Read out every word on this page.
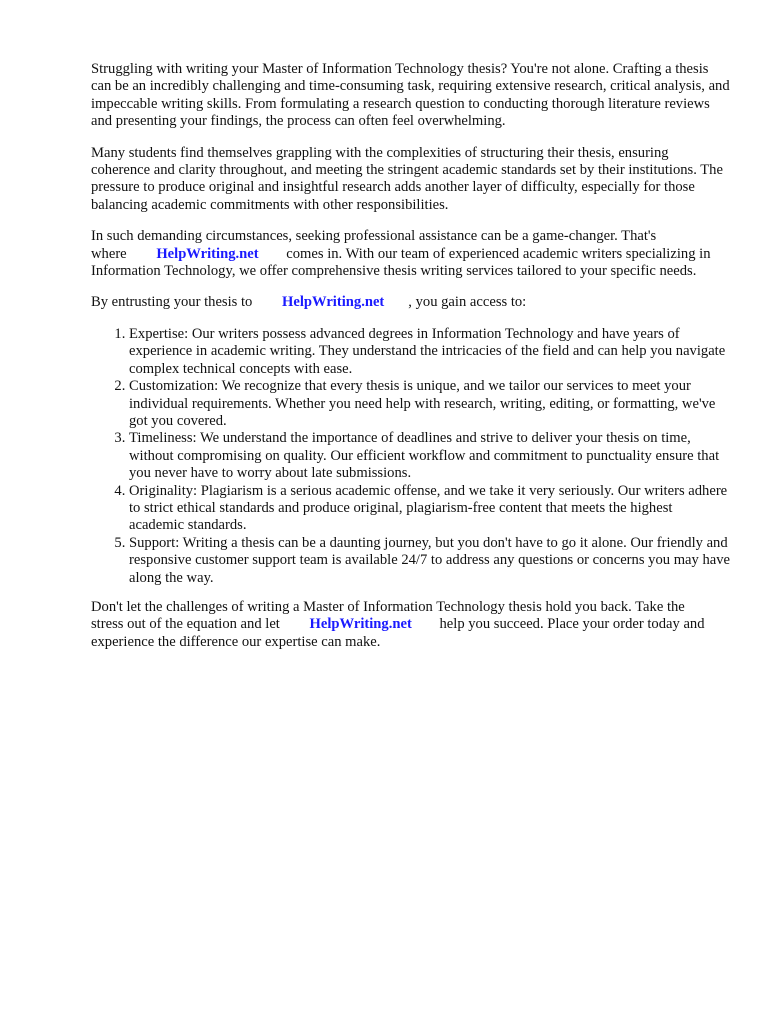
Struggling with writing your Master of Information Technology thesis? You're not alone. Crafting a thesis can be an incredibly challenging and time-consuming task, requiring extensive research, critical analysis, and impeccable writing skills. From formulating a research question to conducting thorough literature reviews and presenting your findings, the process can often feel overwhelming.

Many students find themselves grappling with the complexities of structuring their thesis, ensuring coherence and clarity throughout, and meeting the stringent academic standards set by their institutions. The pressure to produce original and insightful research adds another layer of difficulty, especially for those balancing academic commitments with other responsibilities.

In such demanding circumstances, seeking professional assistance can be a game-changer. That's
where HelpWriting.net comes in. With our team of experienced academic writers specializing in Information Technology, we offer comprehensive thesis writing services tailored to your specific needs.

By entrusting your thesis to HelpWriting.net , you gain access to:

1. Expertise: Our writers possess advanced degrees in Information Technology and have years of experience in academic writing. They understand the intricacies of the field and can help you navigate complex technical concepts with ease.
2. Customization: We recognize that every thesis is unique, and we tailor our services to meet your individual requirements. Whether you need help with research, writing, editing, or formatting, we've got you covered.
3. Timeliness: We understand the importance of deadlines and strive to deliver your thesis on time, without compromising on quality. Our efficient workflow and commitment to punctuality ensure that you never have to worry about late submissions.
4. Originality: Plagiarism is a serious academic offense, and we take it very seriously. Our writers adhere to strict ethical standards and produce original, plagiarism-free content that meets the highest academic standards.
5. Support: Writing a thesis can be a daunting journey, but you don't have to go it alone. Our friendly and responsive customer support team is available 24/7 to address any questions or concerns you may have along the way.

Don't let the challenges of writing a Master of Information Technology thesis hold you back. Take the
stress out of the equation and let HelpWriting.net help you succeed. Place your order today and experience the difference our expertise can make.
